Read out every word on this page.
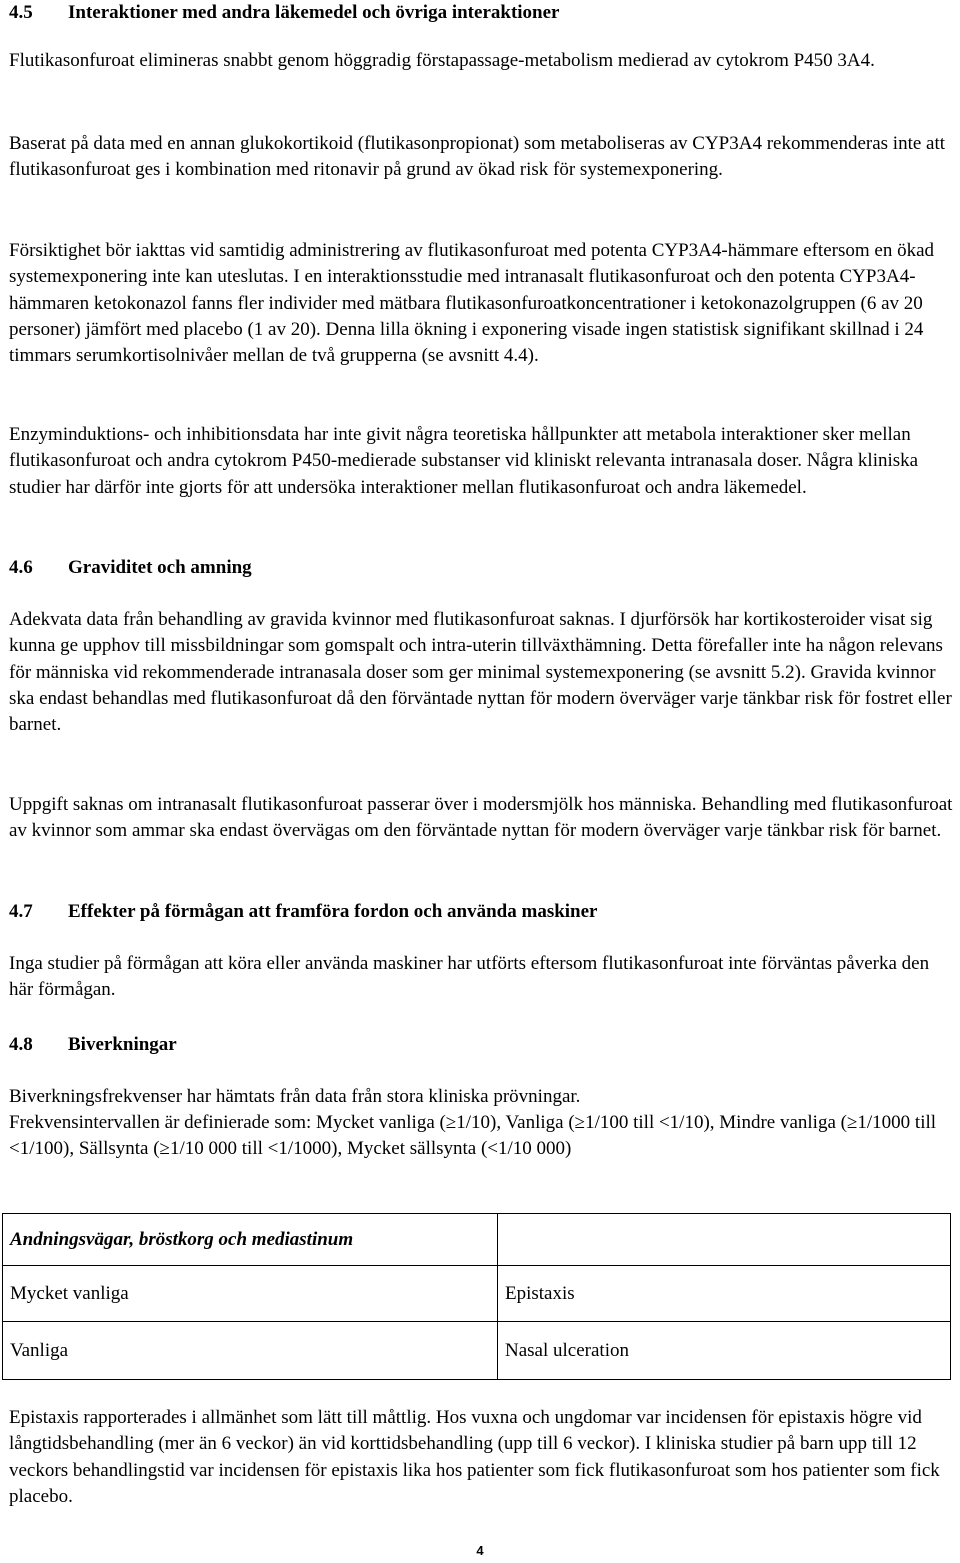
4.5 Interaktioner med andra läkemedel och övriga interaktioner

Flutikasonfuroat elimineras snabbt genom höggradig förstapassage-metabolism medierad av cytokrom P450 3A4.

Baserat på data med en annan glukokortikoid (flutikasonpropionat) som metaboliseras av CYP3A4 rekommenderas inte att flutikasonfuroat ges i kombination med ritonavir på grund av ökad risk för systemexponering.

Försiktighet bör iakttas vid samtidig administrering av flutikasonfuroat med potenta CYP3A4-hämmare eftersom en ökad systemexponering inte kan uteslutas. I en interaktionsstudie med intranasalt flutikasonfuroat och den potenta CYP3A4-hämmaren ketokonazol fanns fler individer med mätbara flutikasonfuroatkoncentrationer i ketokonazolgruppen (6 av 20 personer) jämfört med placebo (1 av 20). Denna lilla ökning i exponering visade ingen statistisk signifikant skillnad i 24 timmars serumkortisolnivåer mellan de två grupperna (se avsnitt 4.4).

Enzyminduktions- och inhibitionsdata har inte givit några teoretiska hållpunkter att metabola interaktioner sker mellan flutikasonfuroat och andra cytokrom P450-medierade substanser vid kliniskt relevanta intranasala doser. Några kliniska studier har därför inte gjorts för att undersöka interaktioner mellan flutikasonfuroat och andra läkemedel.

4.6 Graviditet och amning

Adekvata data från behandling av gravida kvinnor med flutikasonfuroat saknas. I djurförsök har kortikosteroider visat sig kunna ge upphov till missbildningar som gomspalt och intra-uterin tillväxthämning. Detta förefaller inte ha någon relevans för människa vid rekommenderade intranasala doser som ger minimal systemexponering (se avsnitt 5.2). Gravida kvinnor ska endast behandlas med flutikasonfuroat då den förväntade nyttan för modern överväger varje tänkbar risk för fostret eller barnet.

Uppgift saknas om intranasalt flutikasonfuroat passerar över i modersmjölk hos människa. Behandling med flutikasonfuroat av kvinnor som ammar ska endast övervägas om den förväntade nyttan för modern överväger varje tänkbar risk för barnet.

4.7 Effekter på förmågan att framföra fordon och använda maskiner

Inga studier på förmågan att köra eller använda maskiner har utförts eftersom flutikasonfuroat inte förväntas påverka den här förmågan.

4.8 Biverkningar

Biverkningsfrekvenser har hämtats från data från stora kliniska prövningar.

Frekvensintervallen är definierade som: Mycket vanliga (≥1/10), Vanliga (≥1/100 till <1/10), Mindre vanliga (≥1/1000 till <1/100), Sällsynta (≥1/10 000 till <1/1000), Mycket sällsynta (<1/10 000)

Andningsvägar, bröstkorg och mediastinum	
Mycket vanliga	Epistaxis
Vanliga	Nasal ulceration

Epistaxis rapporterades i allmänhet som lätt till måttlig. Hos vuxna och ungdomar var incidensen för epistaxis högre vid långtidsbehandling (mer än 6 veckor) än vid korttidsbehandling (upp till 6 veckor). I kliniska studier på barn upp till 12 veckors behandlingstid var incidensen för epistaxis lika hos patienter som fick flutikasonfuroat som hos patienter som fick placebo.

4
